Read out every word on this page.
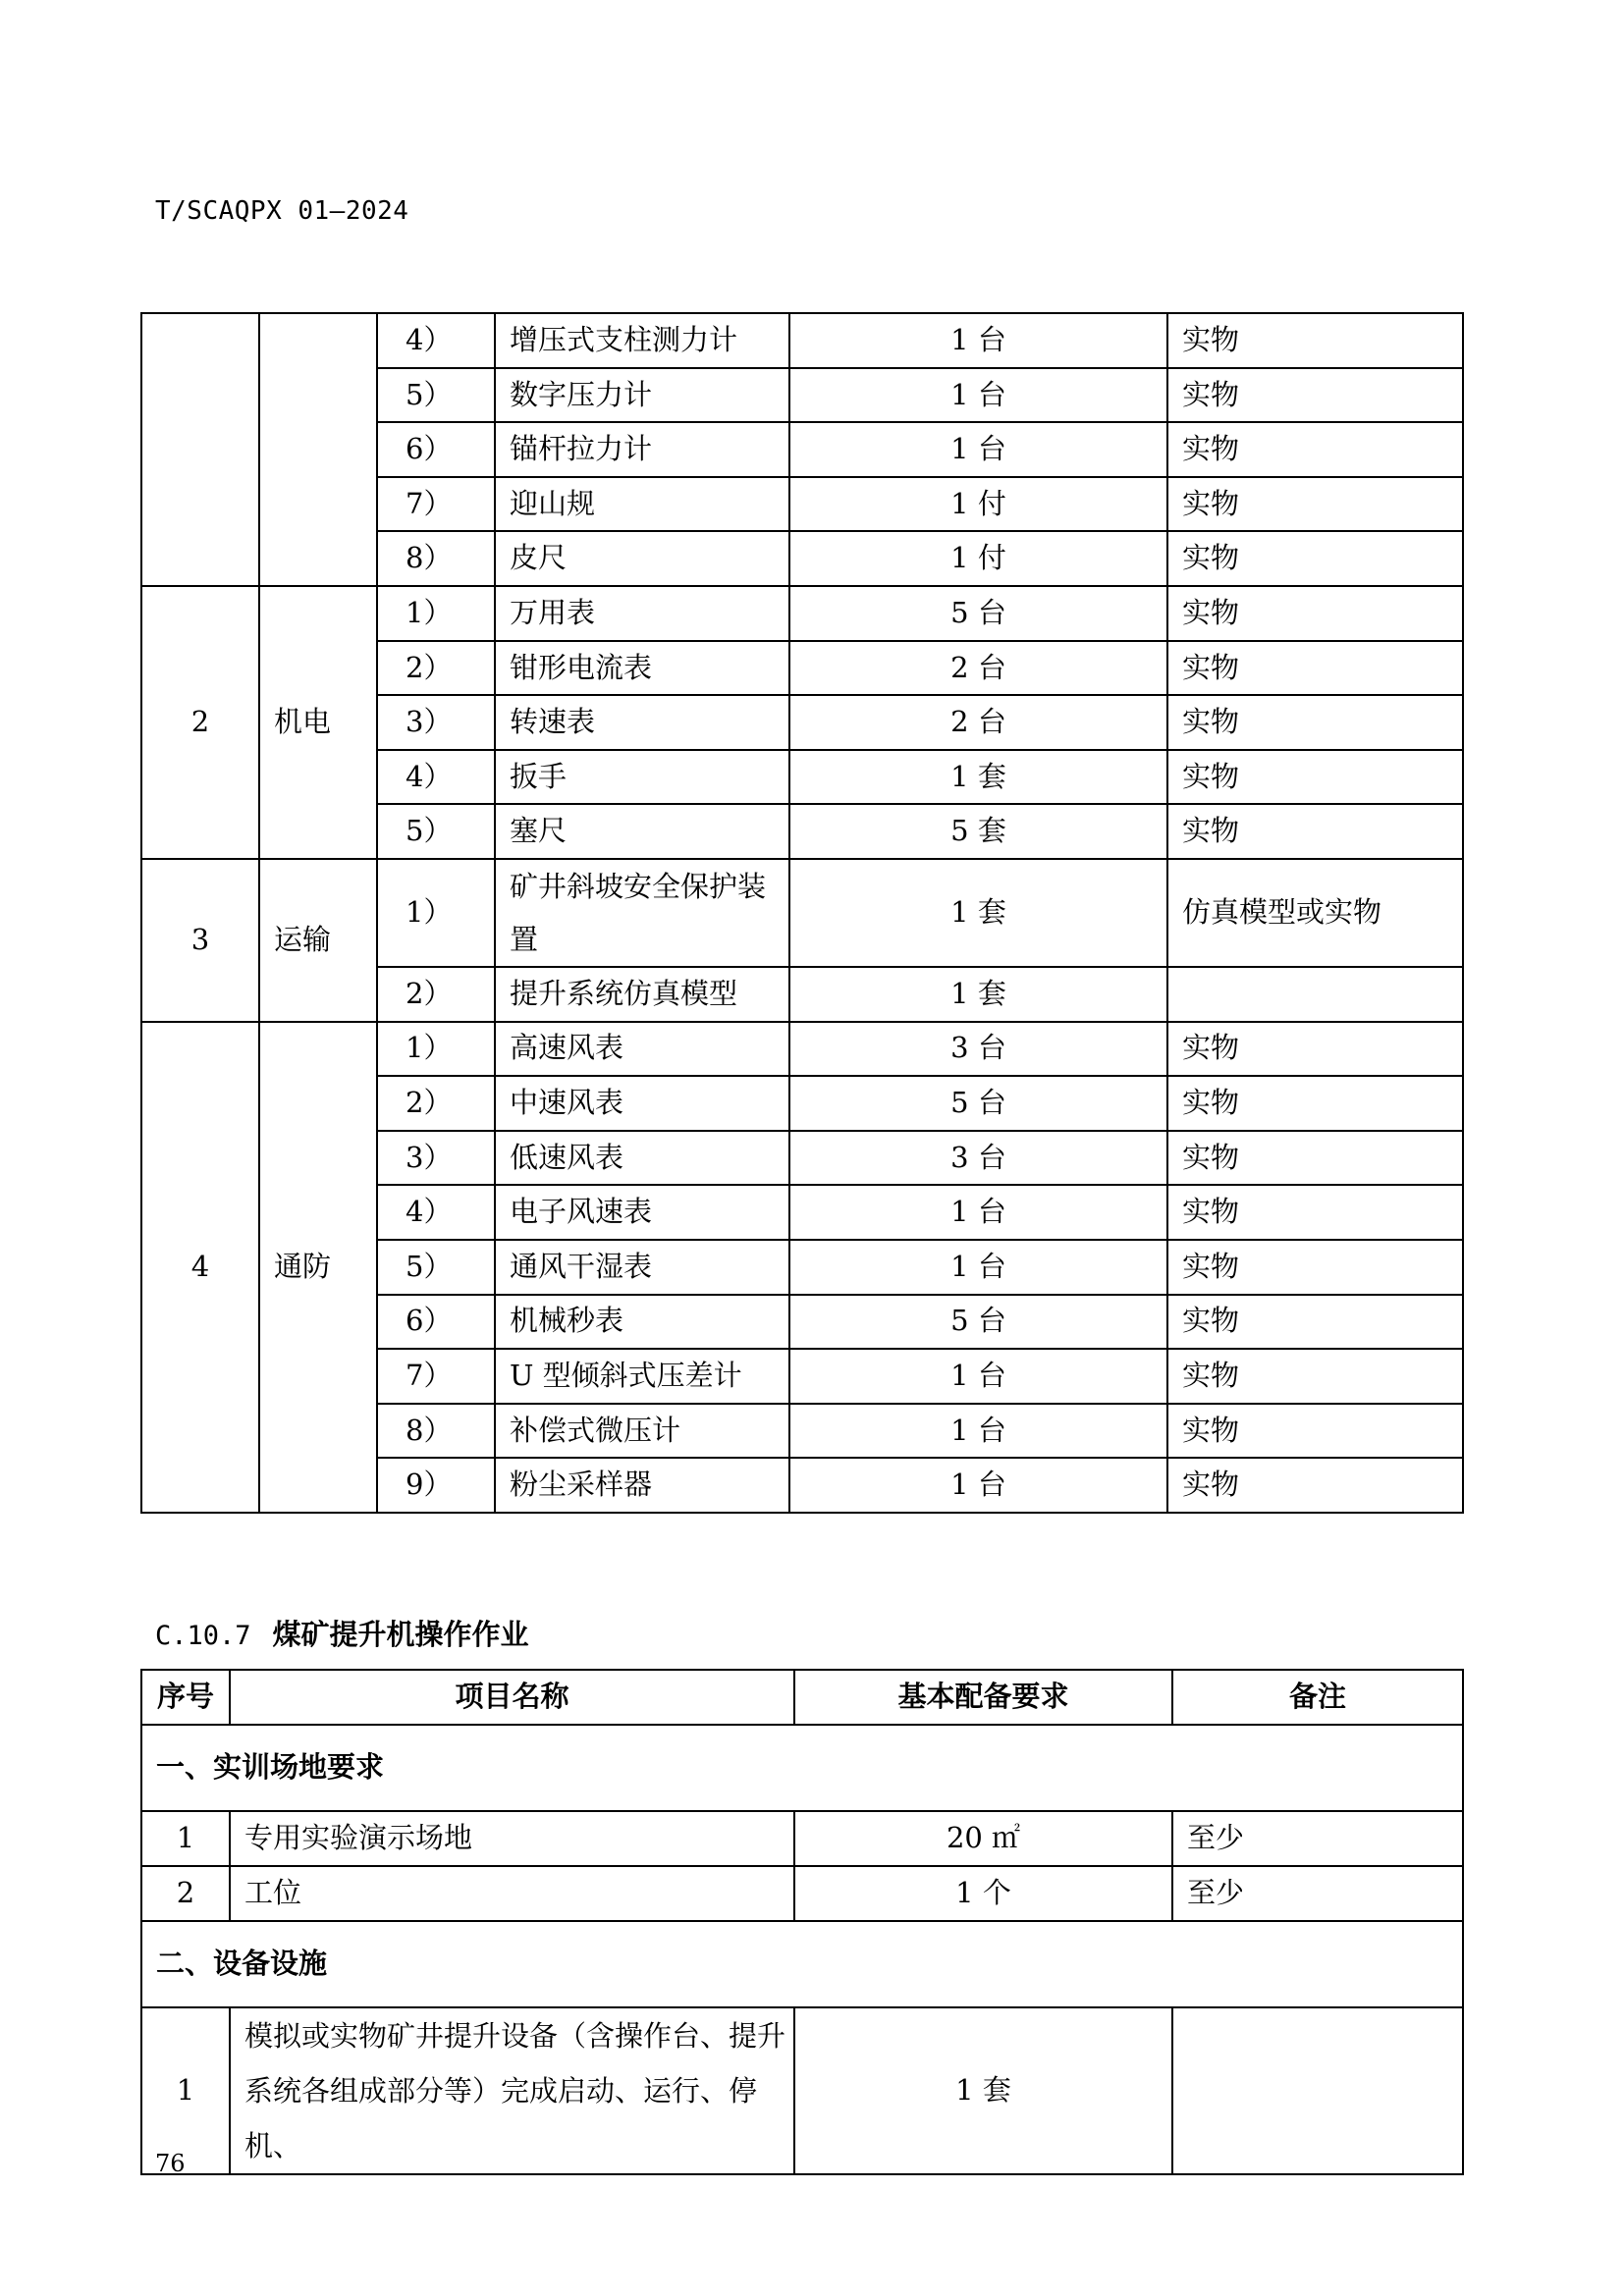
T/SCAQPX 01—2024
		4）	增压式支柱测力计	1 台	实物
		5）	数字压力计	1 台	实物
		6）	锚杆拉力计	1 台	实物
		7）	迎山规	1 付	实物
		8）	皮尺	1 付	实物
2	机电	1）	万用表	5 台	实物
		2）	钳形电流表	2 台	实物
		3）	转速表	2 台	实物
		4）	扳手	1 套	实物
		5）	塞尺	5 套	实物
3	运输	1）	矿井斜坡安全保护装置	1 套	仿真模型或实物
		2）	提升系统仿真模型	1 套	
4	通防	1）	高速风表	3 台	实物
		2）	中速风表	5 台	实物
		3）	低速风表	3 台	实物
		4）	电子风速表	1 台	实物
		5）	通风干湿表	1 台	实物
		6）	机械秒表	5 台	实物
		7）	U 型倾斜式压差计	1 台	实物
		8）	补偿式微压计	1 台	实物
		9）	粉尘采样器	1 台	实物
C.10.7 煤矿提升机操作作业
序号	项目名称	基本配备要求	备注
一、实训场地要求			
1	专用实验演示场地	20 ㎡	至少
2	工位	1 个	至少
二、设备设施			
1	模拟或实物矿井提升设备（含操作台、提升系统各组成部分等）完成启动、运行、停机、	1 套	
76
